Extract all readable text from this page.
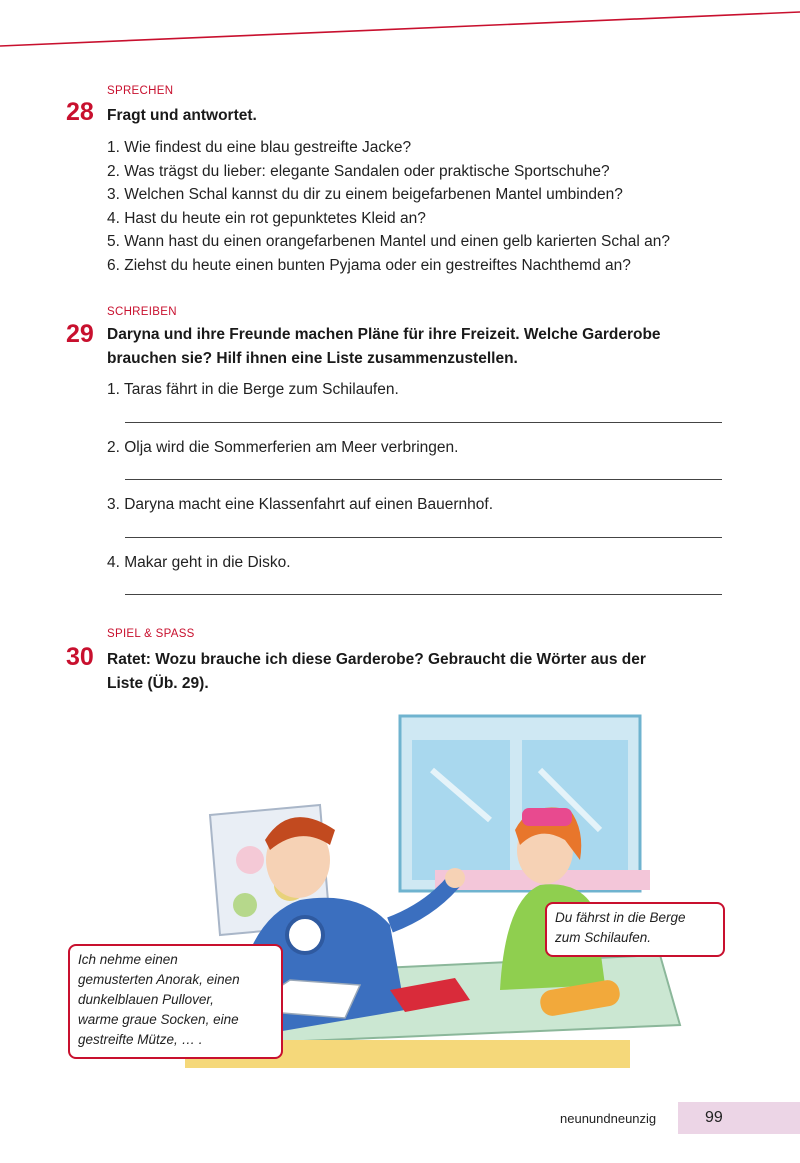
SPRECHEN
28 Fragt und antwortet.
1. Wie findest du eine blau gestreifte Jacke?
2. Was trägst du lieber: elegante Sandalen oder praktische Sportschuhe?
3. Welchen Schal kannst du dir zu einem beigefarbenen Mantel umbinden?
4. Hast du heute ein rot gepunktetes Kleid an?
5. Wann hast du einen orangefarbenen Mantel und einen gelb karierten Schal an?
6. Ziehst du heute einen bunten Pyjama oder ein gestreiftes Nachthemd an?
SCHREIBEN
29 Daryna und ihre Freunde machen Pläne für ihre Freizeit. Welche Garderobe
brauchen sie? Hilf ihnen eine Liste zusammenzustellen.
1. Taras fährt in die Berge zum Schilaufen.
2. Olja wird die Sommerferien am Meer verbringen.
3. Daryna macht eine Klassenfahrt auf einen Bauernhof.
4. Makar geht in die Disko.
SPIEL & SPASS
30 Ratet: Wozu brauche ich diese Garderobe? Gebraucht die Wörter aus der
Liste (Üb. 29).
Du fährst in die Berge
zum Schilaufen.
Ich nehme einen
gemusterten Anorak, einen
dunkelblauen Pullover,
warme graue Socken, eine
gestreifte Mütze, … .
neunundneunzig	99
